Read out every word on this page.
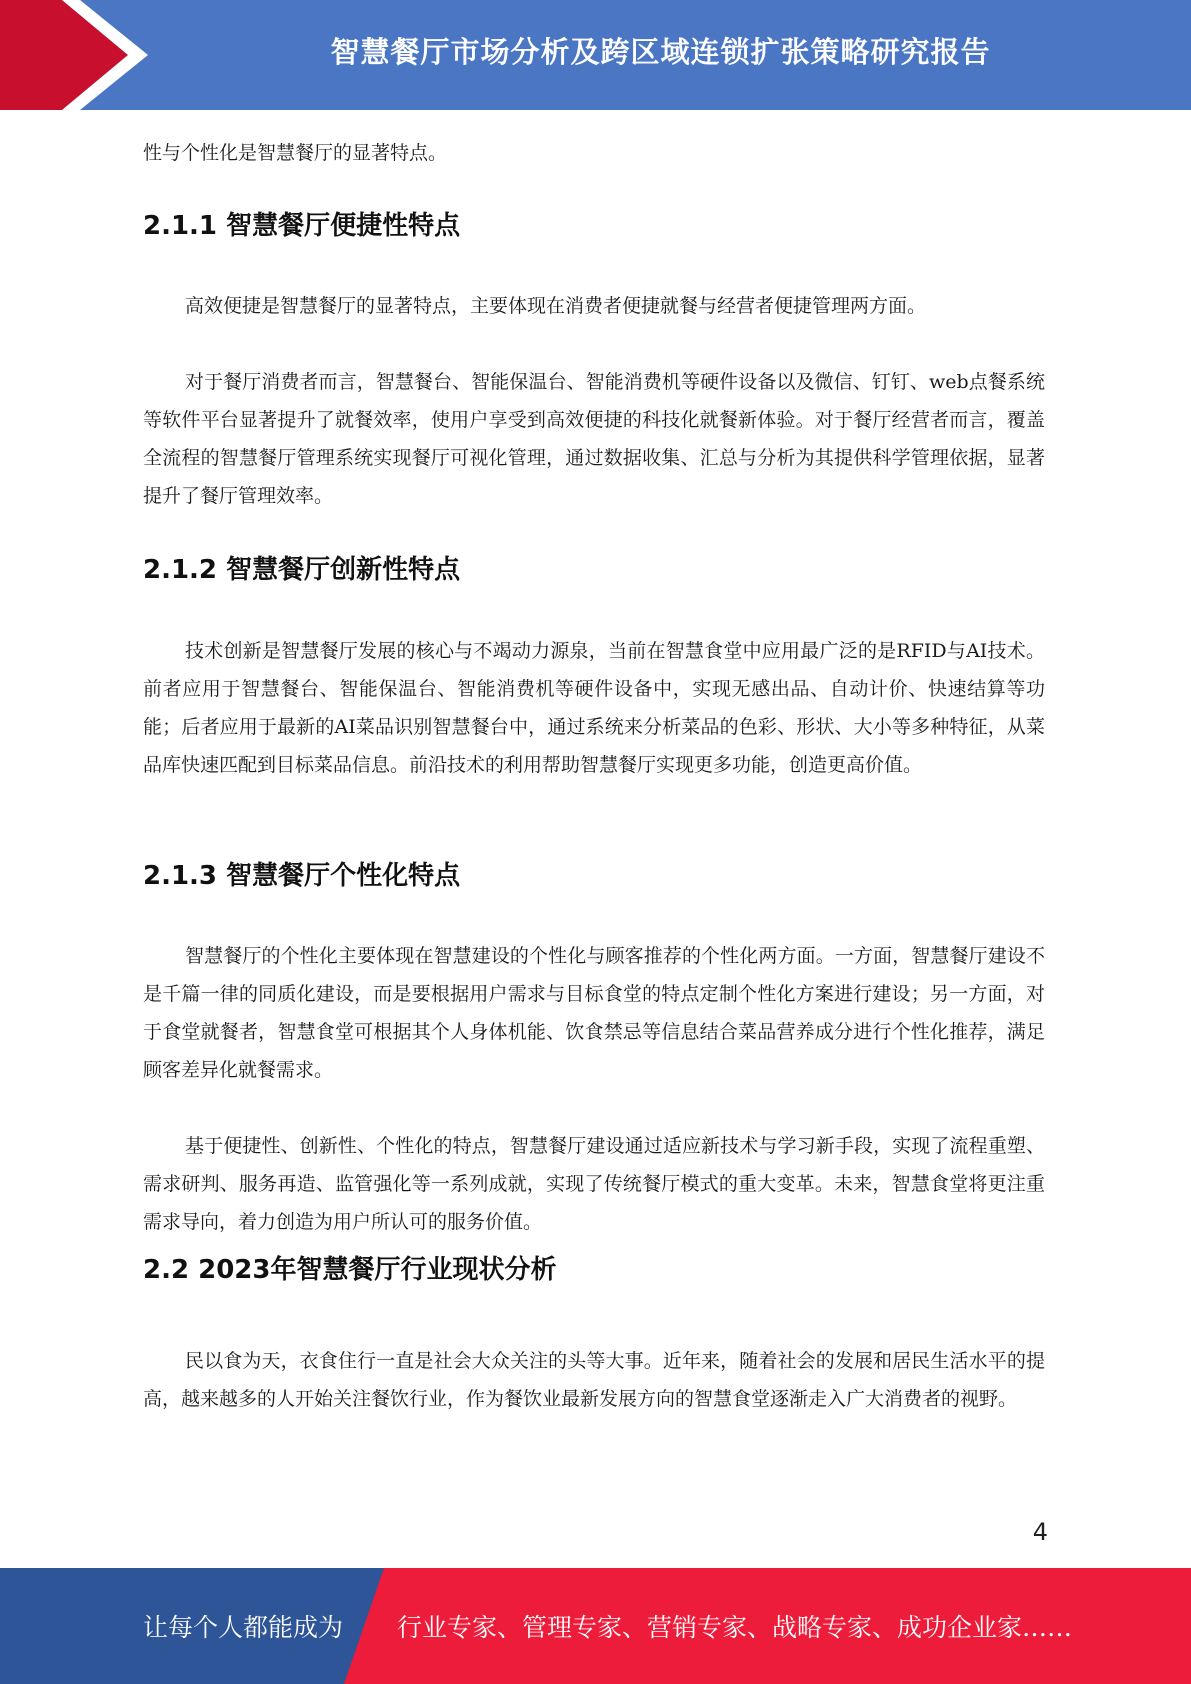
智慧餐厅市场分析及跨区域连锁扩张策略研究报告

性与个性化是智慧餐厅的显著特点。

2.1.1 智慧餐厅便捷性特点

高效便捷是智慧餐厅的显著特点，主要体现在消费者便捷就餐与经营者便捷管理两方面。

对于餐厅消费者而言，智慧餐台、智能保温台、智能消费机等硬件设备以及微信、钉钉、web点餐系统等软件平台显著提升了就餐效率，使用户享受到高效便捷的科技化就餐新体验。对于餐厅经营者而言，覆盖全流程的智慧餐厅管理系统实现餐厅可视化管理，通过数据收集、汇总与分析为其提供科学管理依据，显著提升了餐厅管理效率。

2.1.2 智慧餐厅创新性特点

技术创新是智慧餐厅发展的核心与不竭动力源泉，当前在智慧食堂中应用最广泛的是RFID与AI技术。前者应用于智慧餐台、智能保温台、智能消费机等硬件设备中，实现无感出品、自动计价、快速结算等功能；后者应用于最新的AI菜品识别智慧餐台中，通过系统来分析菜品的色彩、形状、大小等多种特征，从菜品库快速匹配到目标菜品信息。前沿技术的利用帮助智慧餐厅实现更多功能，创造更高价值。

2.1.3 智慧餐厅个性化特点

智慧餐厅的个性化主要体现在智慧建设的个性化与顾客推荐的个性化两方面。一方面，智慧餐厅建设不是千篇一律的同质化建设，而是要根据用户需求与目标食堂的特点定制个性化方案进行建设；另一方面，对于食堂就餐者，智慧食堂可根据其个人身体机能、饮食禁忌等信息结合菜品营养成分进行个性化推荐，满足顾客差异化就餐需求。

基于便捷性、创新性、个性化的特点，智慧餐厅建设通过适应新技术与学习新手段，实现了流程重塑、需求研判、服务再造、监管强化等一系列成就，实现了传统餐厅模式的重大变革。未来，智慧食堂将更注重需求导向，着力创造为用户所认可的服务价值。

2.2 2023年智慧餐厅行业现状分析

民以食为天，衣食住行一直是社会大众关注的头等大事。近年来，随着社会的发展和居民生活水平的提高，越来越多的人开始关注餐饮行业，作为餐饮业最新发展方向的智慧食堂逐渐走入广大消费者的视野。

4
让每个人都能成为 行业专家、管理专家、营销专家、战略专家、成功企业家……
